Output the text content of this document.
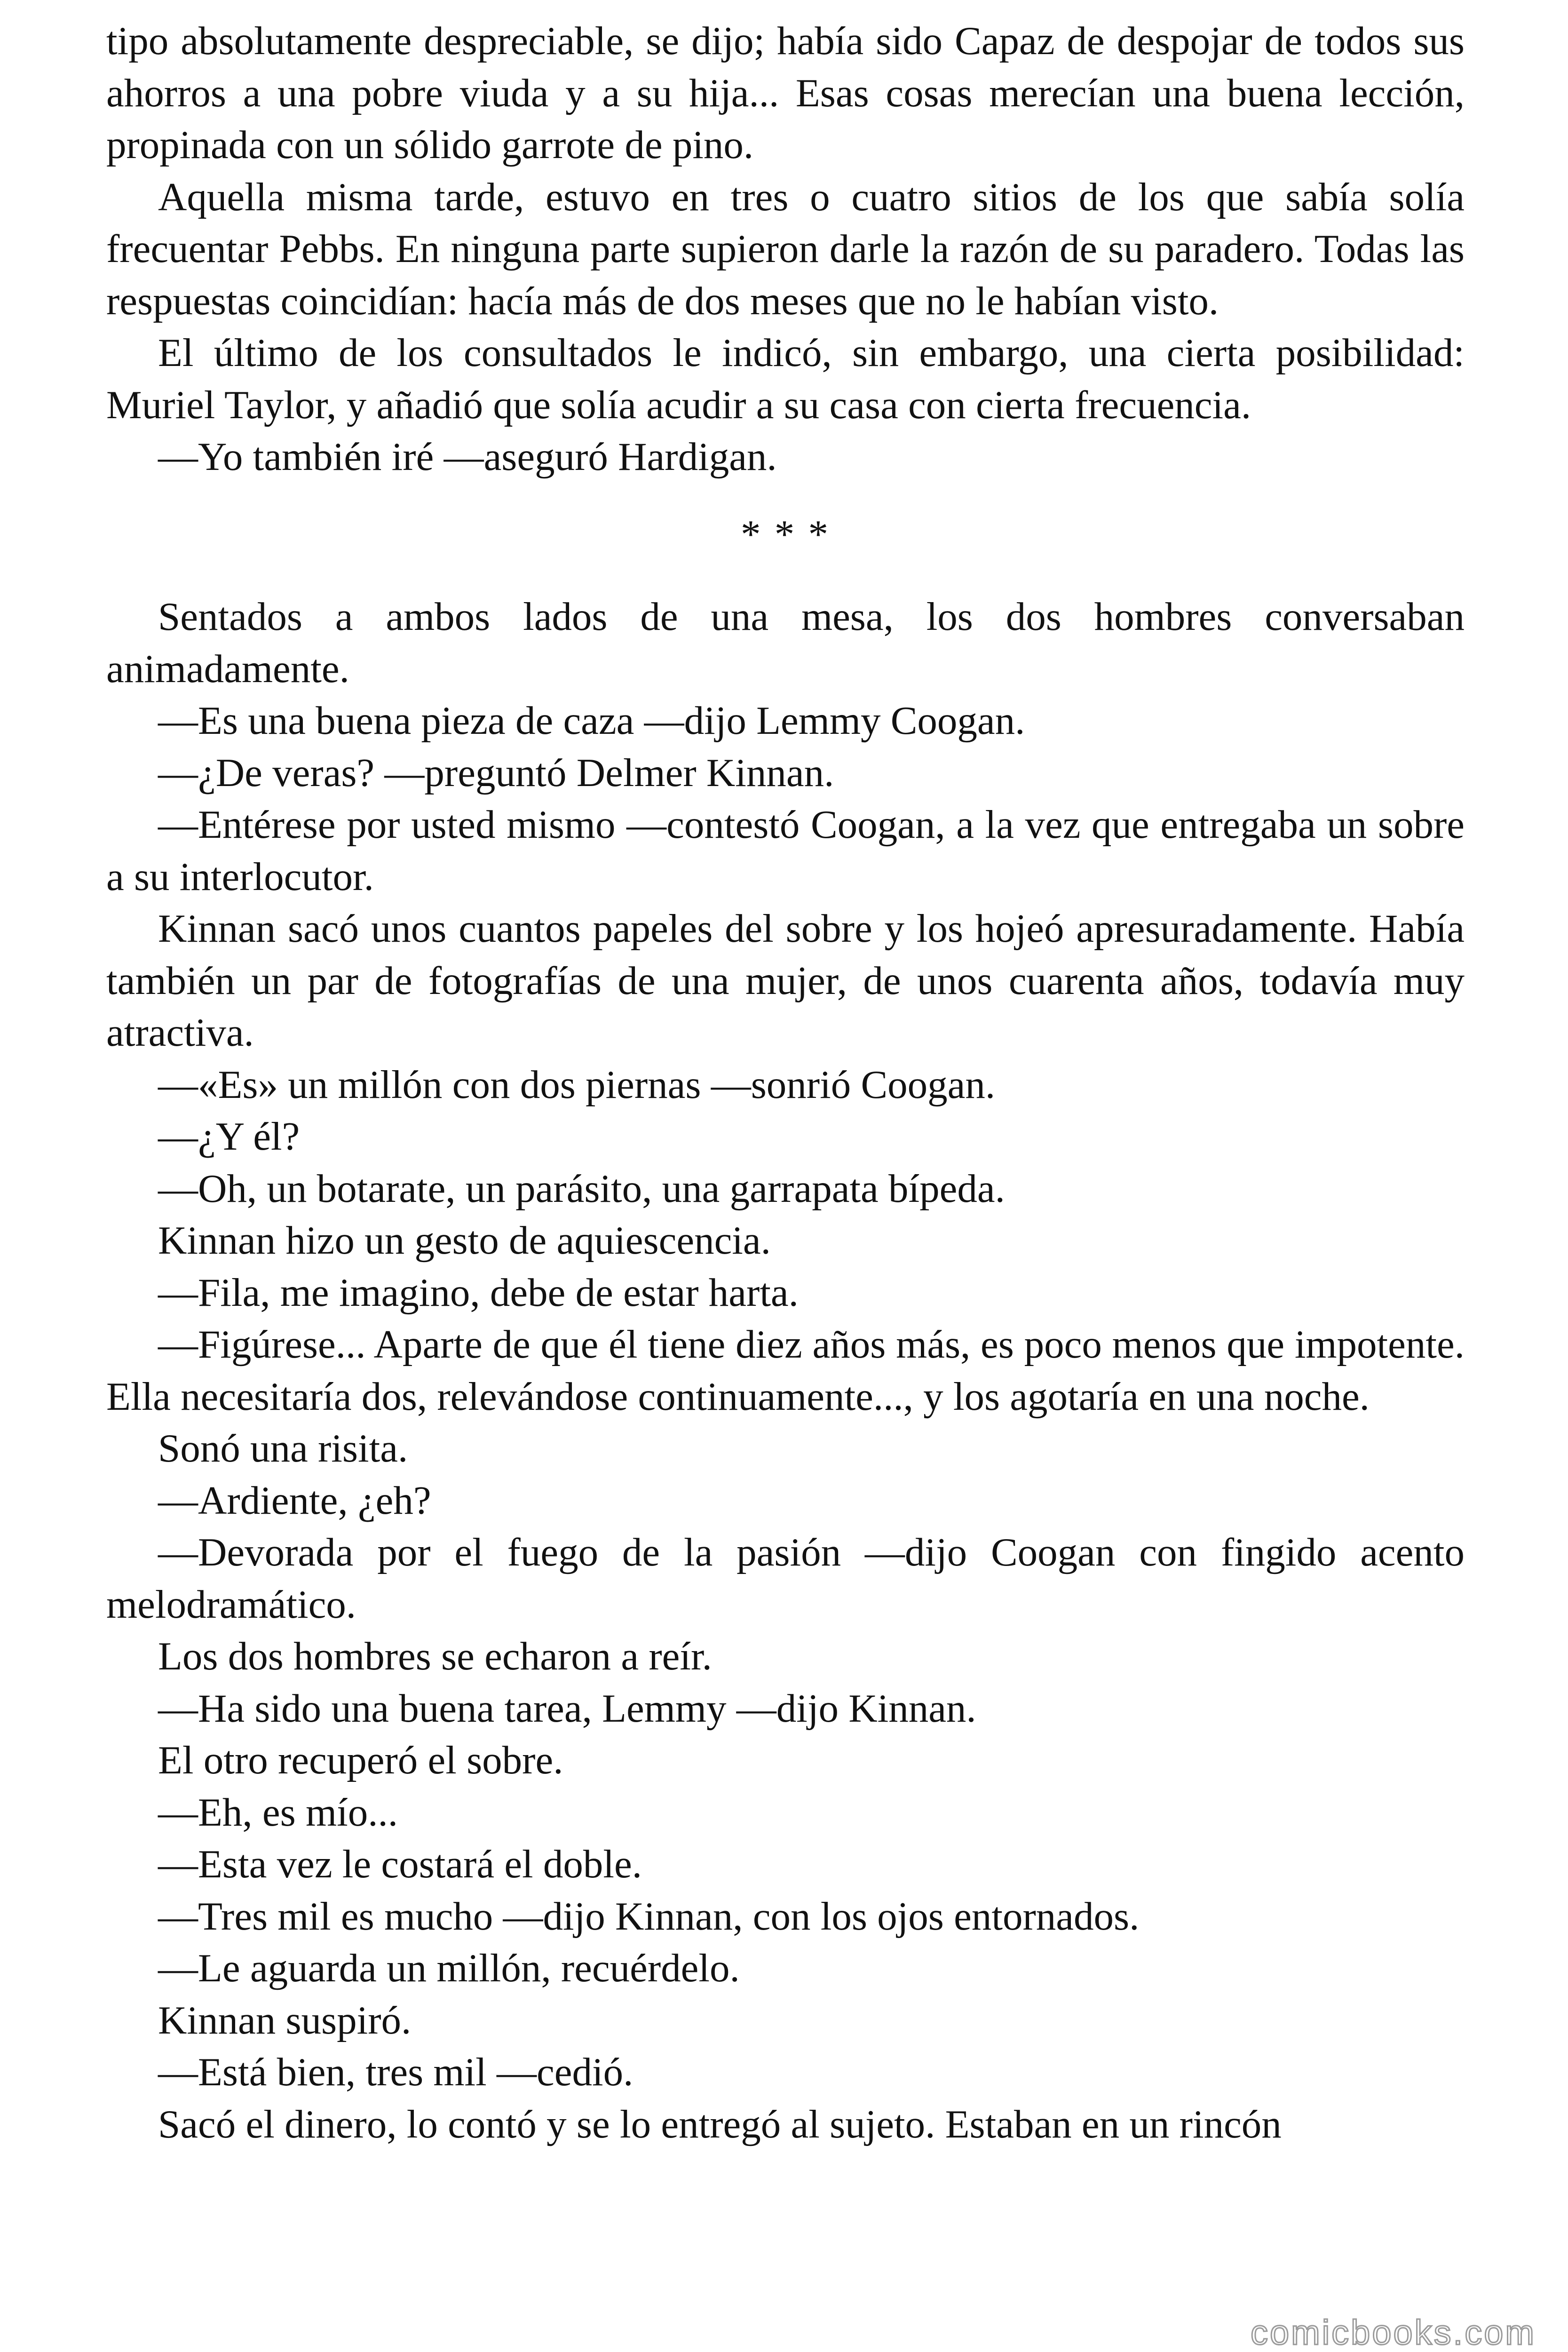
tipo absolutamente despreciable, se dijo; había sido Capaz de despojar de todos sus ahorros a una pobre viuda y a su hija... Esas cosas merecían una buena lección, propinada con un sólido garrote de pino.

Aquella misma tarde, estuvo en tres o cuatro sitios de los que sabía solía frecuentar Pebbs. En ninguna parte supieron darle la razón de su paradero. Todas las respuestas coincidían: hacía más de dos meses que no le habían visto.

El último de los consultados le indicó, sin embargo, una cierta posibilidad: Muriel Taylor, y añadió que solía acudir a su casa con cierta frecuencia.

—Yo también iré —aseguró Hardigan.

* * *

Sentados a ambos lados de una mesa, los dos hombres conversaban animadamente.

—Es una buena pieza de caza —dijo Lemmy Coogan.

—¿De veras? —preguntó Delmer Kinnan.

—Entérese por usted mismo —contestó Coogan, a la vez que entregaba un sobre a su interlocutor.

Kinnan sacó unos cuantos papeles del sobre y los hojeó apresuradamente. Había también un par de fotografías de una mujer, de unos cuarenta años, todavía muy atractiva.

—«Es» un millón con dos piernas —sonrió Coogan.

—¿Y él?

—Oh, un botarate, un parásito, una garrapata bípeda.

Kinnan hizo un gesto de aquiescencia.

—Fila, me imagino, debe de estar harta.

—Figúrese... Aparte de que él tiene diez años más, es poco menos que impotente. Ella necesitaría dos, relevándose continuamente..., y los agotaría en una noche.

Sonó una risita.

—Ardiente, ¿eh?

—Devorada por el fuego de la pasión —dijo Coogan con fingido acento melodramático.

Los dos hombres se echaron a reír.

—Ha sido una buena tarea, Lemmy —dijo Kinnan.

El otro recuperó el sobre.

—Eh, es mío...

—Esta vez le costará el doble.

—Tres mil es mucho —dijo Kinnan, con los ojos entornados.

—Le aguarda un millón, recuérdelo.

Kinnan suspiró.

—Está bien, tres mil —cedió.

Sacó el dinero, lo contó y se lo entregó al sujeto. Estaban en un rincón

comicbooks.com
